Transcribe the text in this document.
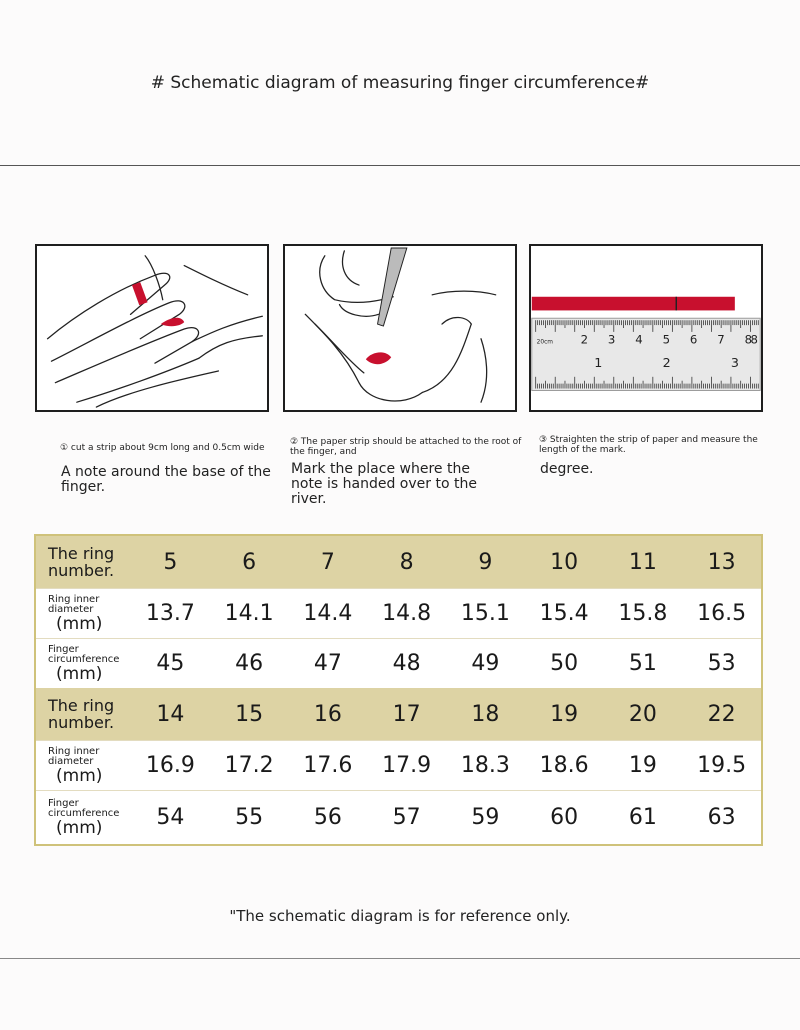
# Schematic diagram of measuring finger circumference#
20cm 2 3 4 5 6 7 8
8
1	2	3
① cut a strip about 9cm long and 0.5cm wide
A note around the base of the finger.
② The paper strip should be attached to the root of the finger, and
Mark the place where the note is handed over to the river.
③ Straighten the strip of paper and measure the length of the mark.
degree.
The ring
number.	5	6	7	8	9	10	11	13
Ring inner
diameter
(mm)	13.7	14.1	14.4	14.8	15.1	15.4	15.8	16.5
Finger
circumference
(mm)	45	46	47	48	49	50	51	53
The ring
number.	14	15	16	17	18	19	20	22
Ring inner
diameter
(mm)	16.9	17.2	17.6	17.9	18.3	18.6	19	19.5
Finger
circumference
(mm)	54	55	56	57	59	60	61	63
"The schematic diagram is for reference only.
